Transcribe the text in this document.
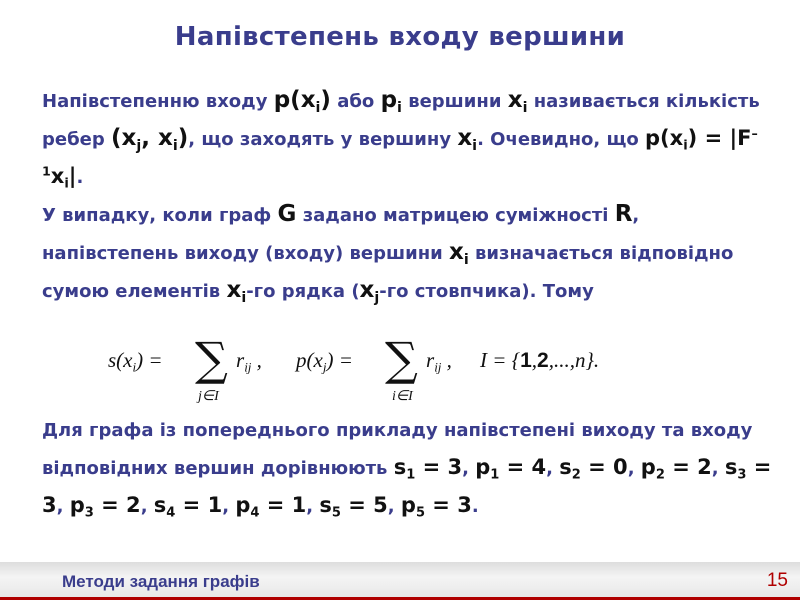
Напівстепень входу вершини
Напівстепенню входу $p(x_i)$ або $p_i$ вершини $x_i$ називається кількість ребер ($x_j$, $x_i$), що заходять у вершину $x_i$. Очевидно, що $p(x_i) = |F^{-1}x_i|$.
У випадку, коли граф G задано матрицею суміжності R, напівстепень виходу (входу) вершини $x_i$ визначається відповідно сумою елементів $x_i-го$ рядка ($x_j-го$ стовпчика). Тому
$s(x_i)$ = ∑
j∈I
$r_{ij}$ , $p(x_j)$ = ∑
i∈I
$r_{ij}$ , I = {1,2,...,n}.
Для графа із попереднього прикладу напівстепені виходу та входу відповідних вершин дорівнюють $s_1 = 3$, $p_1 = 4$, $s_2 = 0$, $p_2 = 2$, $s_3 = 3$, $p_3 = 2$, $s_4 = 1$, $p_4 = 1$, $s_5 = 5$, $p_5 = 3$.
Методи задання графів	15
